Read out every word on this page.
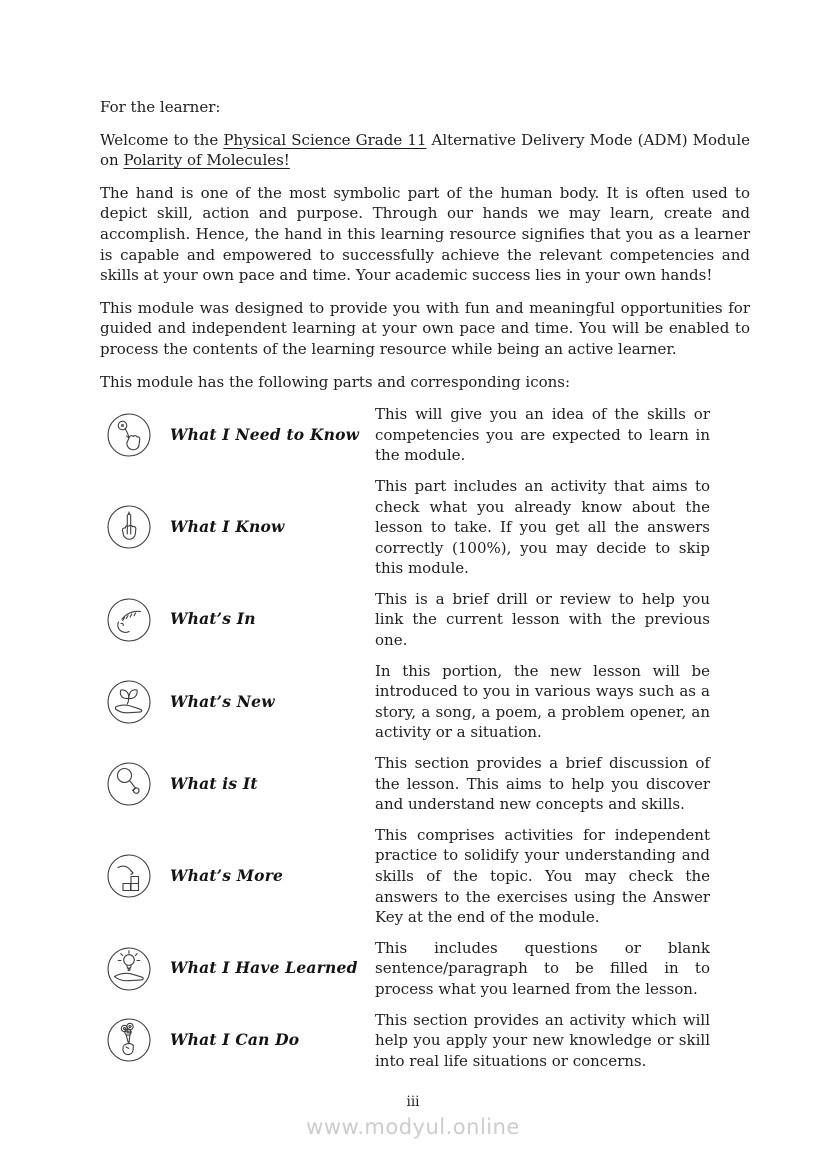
For the learner:

Welcome to the Physical Science Grade 11 Alternative Delivery Mode (ADM) Module on Polarity of Molecules!

The hand is one of the most symbolic part of the human body. It is often used to depict skill, action and purpose. Through our hands we may learn, create and accomplish. Hence, the hand in this learning resource signifies that you as a learner is capable and empowered to successfully achieve the relevant competencies and skills at your own pace and time. Your academic success lies in your own hands!

This module was designed to provide you with fun and meaningful opportunities for guided and independent learning at your own pace and time. You will be enabled to process the contents of the learning resource while being an active learner.

This module has the following parts and corresponding icons:

What I Need to Know
This will give you an idea of the skills or competencies you are expected to learn in the module.
What I Know
This part includes an activity that aims to check what you already know about the lesson to take. If you get all the answers correctly (100%), you may decide to skip this module.
What’s In
This is a brief drill or review to help you link the current lesson with the previous one.
What’s New
In this portion, the new lesson will be introduced to you in various ways such as a story, a song, a poem, a problem opener, an activity or a situation.
What is It
This section provides a brief discussion of the lesson. This aims to help you discover and understand new concepts and skills.
What’s More
This comprises activities for independent practice to solidify your understanding and skills of the topic. You may check the answers to the exercises using the Answer Key at the end of the module.
What I Have Learned
This includes questions or blank sentence/paragraph to be filled in to process what you learned from the lesson.
What I Can Do
This section provides an activity which will help you apply your new knowledge or skill into real life situations or concerns.
iii
www.modyul.online
